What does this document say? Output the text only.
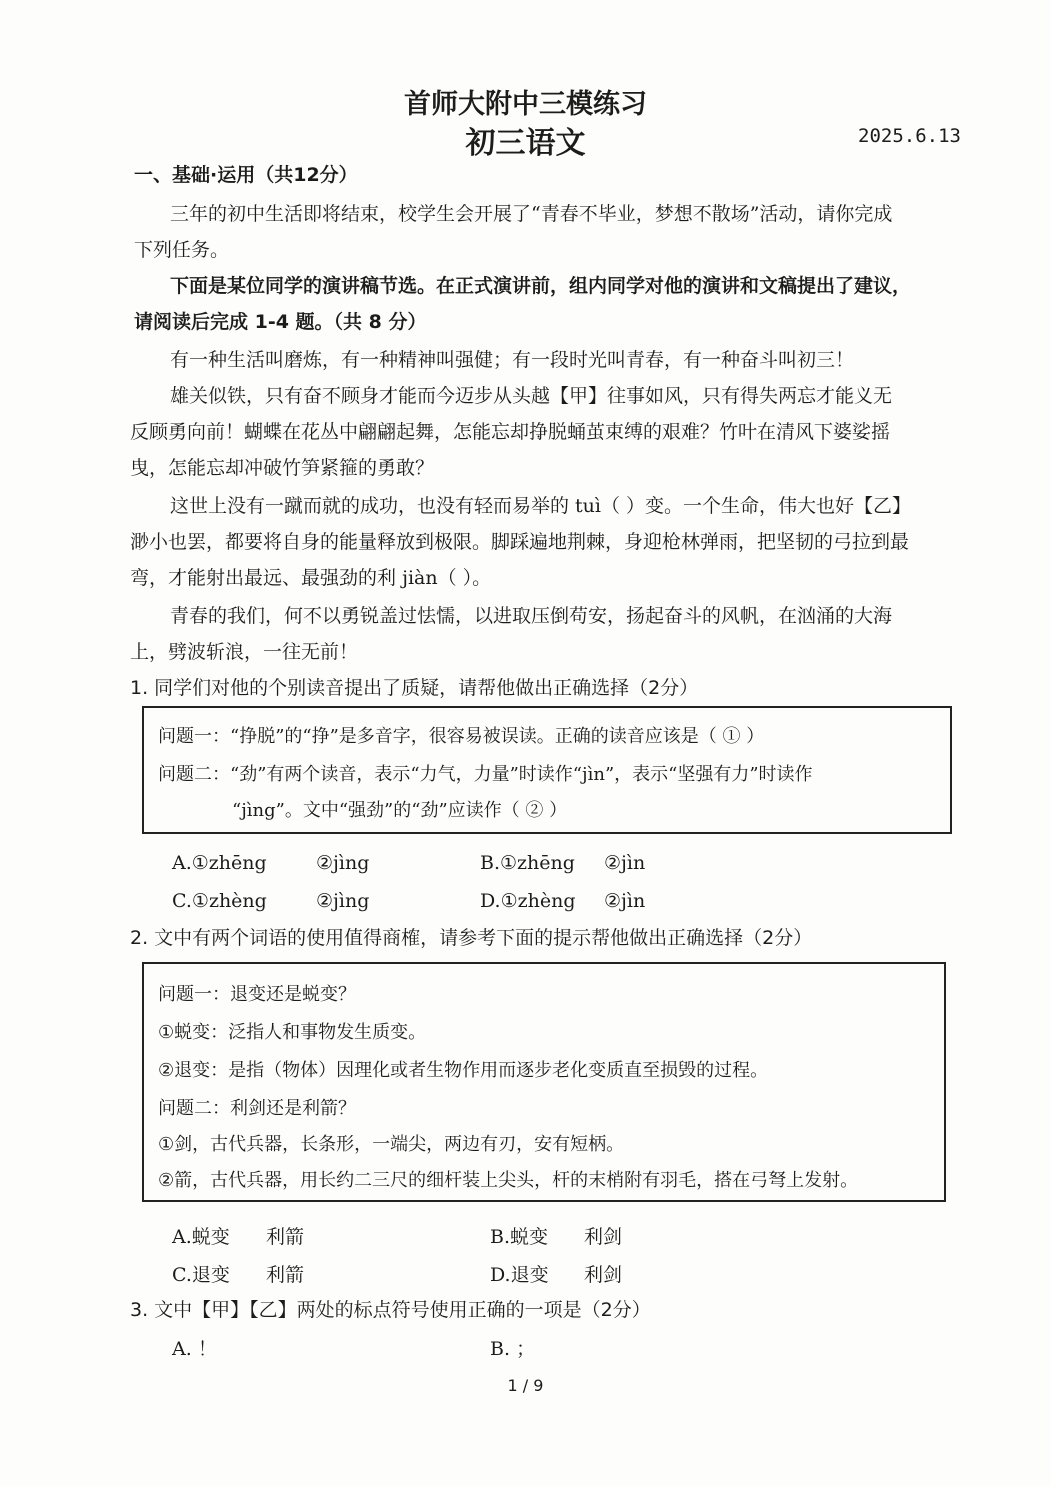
首师大附中三模练习
初三语文	2025.6.13
一、基础·运用（共12分）
三年的初中生活即将结束，校学生会开展了“青春不毕业，梦想不散场”活动，请你完成
下列任务。
下面是某位同学的演讲稿节选。在正式演讲前，组内同学对他的演讲和文稿提出了建议，
请阅读后完成 1-4 题。（共 8 分）
有一种生活叫磨炼，有一种精神叫强健；有一段时光叫青春，有一种奋斗叫初三！
雄关似铁，只有奋不顾身才能而今迈步从头越【甲】往事如风，只有得失两忘才能义无
反顾勇向前！蝴蝶在花丛中翩翩起舞，怎能忘却挣 ·脱蛹茧束缚的艰难？竹叶在清风下婆娑摇
曳，怎能忘却冲破竹笋紧箍的勇敢？
这世上没有一蹴而就的成功，也没有轻而易举的 tuì（ ）变。一个生命，伟大也好【乙】
渺小也罢，都要将自身的能量释放到极限。脚踩遍地荆棘，身迎枪林弹雨，把坚韧的弓拉到最
弯，才能射出最远、最强劲 ·的利 jiàn（ ）。
青春的我们，何不以勇锐盖过怯懦，以进取压倒苟安，扬起奋斗的风帆，在汹涌的大海
上，劈波斩浪，一往无前！
1. 同学们对他的个别读音提出了质疑，请帮他做出正确选择（2分）
问题一：“挣脱”的“挣”是多音字，很容易被误读。正确的读音应该是（ ① ）
问题二：“劲”有两个读音，表示“力气，力量”时读作“jìn”，表示“坚强有力”时读作
“jìng”。文中“强劲”的“劲”应读作（ ② ）
A.①zhēng	②jìng	B.①zhēng ②jìn
C.①zhèng	②jìng	D.①zhèng ②jìn
2. 文中有两个词语的使用值得商榷，请参考下面的提示帮他做出正确选择（2分）
问题一：退变还是蜕变？
①蜕变：泛指人和事物发生质变。
②退变：是指（物体）因理化或者生物作用而逐步老化变质直至损毁的过程。
问题二：利剑还是利箭？
①剑，古代兵器，长条形，一端尖，两边有刃，安有短柄。
②箭，古代兵器，用长约二三尺的细杆装上尖头，杆的末梢附有羽毛，搭在弓弩上发射。
A.蜕变 利箭	B.蜕变 利剑
C.退变 利箭	D.退变 利剑
3. 文中【甲】【乙】两处的标点符号使用正确的一项是（2分）
A. ！	B. ；
1 / 9
